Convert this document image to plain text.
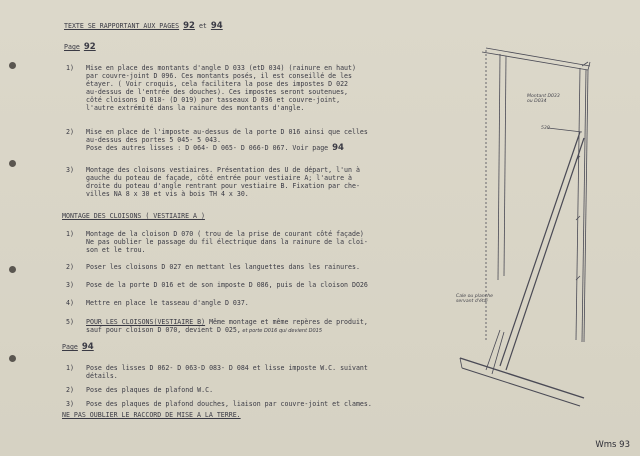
TEXTE SE RAPPORTANT AUX PAGES 92 et 94
Page 92
1) Mise en place des montants d'angle D 033 (etD 034) (rainure en haut)
par couvre-joint D 096. Ces montants posés, il est conseillé de les
étayer. ( Voir croquis, cela facilitera la pose des impostes D 022
au-dessus de l'entrée des douches). Ces impostes seront soutenues,
côté cloisons D 018- (D 019) par tasseaux D 036 et couvre-joint,
l'autre extrémité dans la rainure des montants d'angle.
2) Mise en place de l'imposte au-dessus de la porte D 016 ainsi que celles
au-dessus des portes 5 045- 5 043.
Pose des autres lisses : D 064- D 065- D 066-D 067. Voir page 94
3) Montage des cloisons vestiaires. Présentation des U de départ, l'un à
gauche du poteau de façade, côté entrée pour vestiaire A; l'autre à
droite du poteau d'angle rentrant pour vestiaire B. Fixation par che-
villes NA 8 x 30 et vis à bois TH 4 x 30.
MONTAGE DES CLOISONS ( VESTIAIRE A )
1) Montage de la cloison D 070 ( trou de la prise de courant côté façade)
Ne pas oublier le passage du fil électrique dans la rainure de la cloi-
son et le trou.
2) Poser les cloisons D 027 en mettant les languettes dans les rainures.
3) Pose de la porte D 016 et de son imposte D 086, puis de la cloison DO26
4) Mettre en place le tasseau d'angle D 037.
5) POUR LES CLOISONS(VESTIAIRE B) Même montage et même repères de produit,
sauf pour cloison D 070, devient D 025, et porte D016 qui devient D015
Page 94
1) Pose des lisses D 062- D 063-D 083- D 084 et lisse imposte W.C. suivant
détails.
2) Pose des plaques de plafond W.C.
3) Pose des plaques de plafond douches, liaison par couvre-joint et clames.
NE PAS OUBLIER LE RACCORD DE MISE A LA TERRE.
Montant D033
ou D034
530
Cale ou planche
servant d'étai
Wms 93
